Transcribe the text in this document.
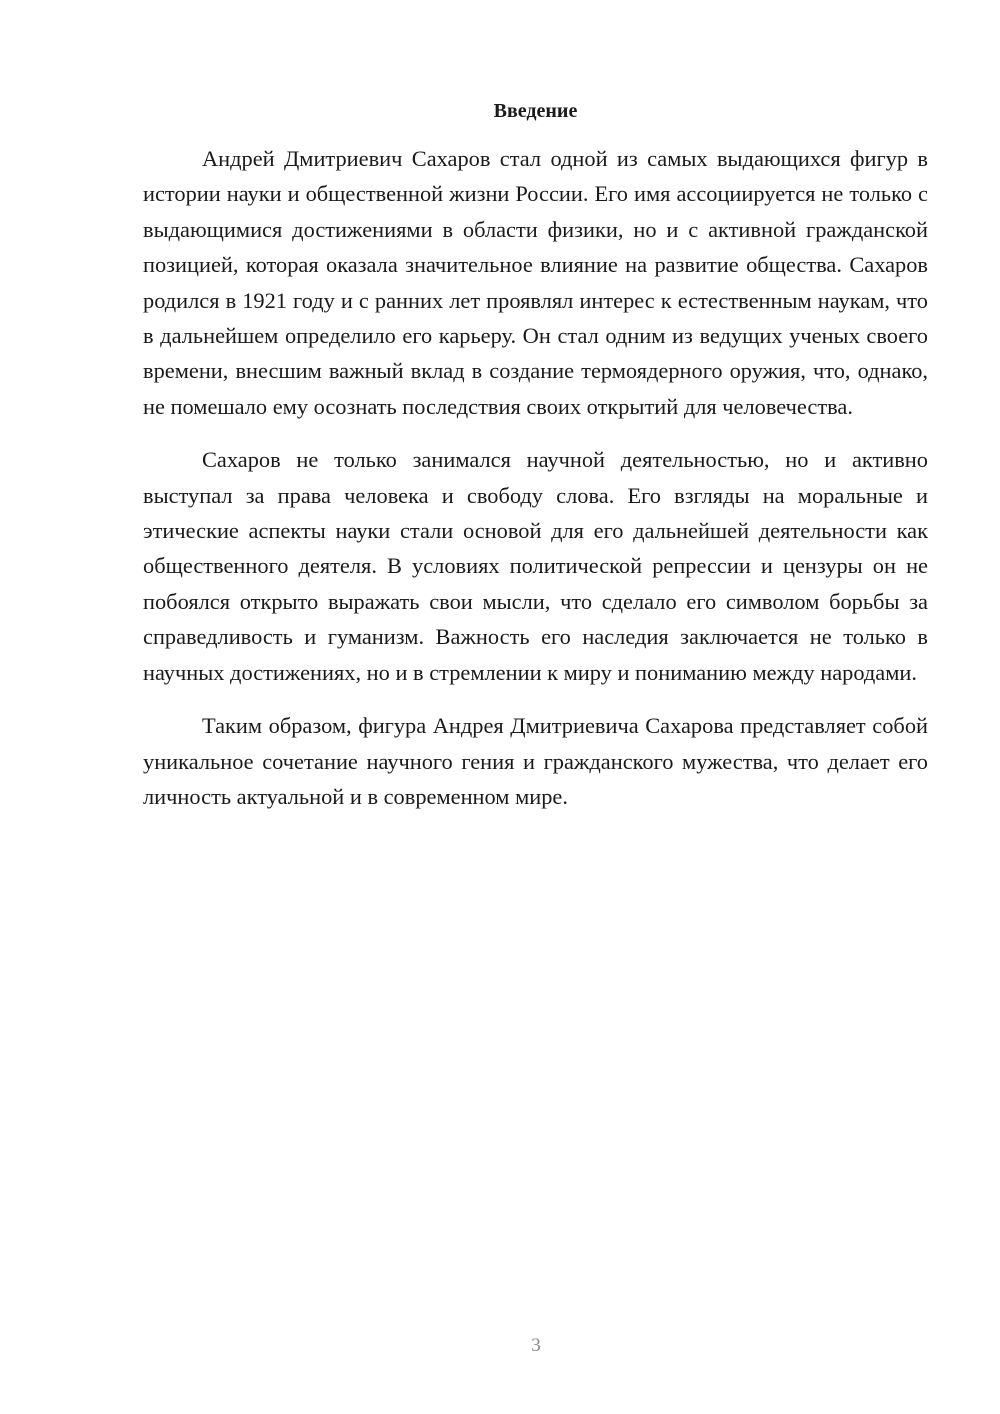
Введение

Андрей Дмитриевич Сахаров стал одной из самых выдающихся фигур в истории науки и общественной жизни России. Его имя ассоциируется не только с выдающимися достижениями в области физики, но и с активной гражданской позицией, которая оказала значительное влияние на развитие общества. Сахаров родился в 1921 году и с ранних лет проявлял интерес к естественным наукам, что в дальнейшем определило его карьеру. Он стал одним из ведущих ученых своего времени, внесшим важный вклад в создание термоядерного оружия, что, однако, не помешало ему осознать последствия своих открытий для человечества.

Сахаров не только занимался научной деятельностью, но и активно выступал за права человека и свободу слова. Его взгляды на моральные и этические аспекты науки стали основой для его дальнейшей деятельности как общественного деятеля. В условиях политической репрессии и цензуры он не побоялся открыто выражать свои мысли, что сделало его символом борьбы за справедливость и гуманизм. Важность его наследия заключается не только в научных достижениях, но и в стремлении к миру и пониманию между народами.

Таким образом, фигура Андрея Дмитриевича Сахарова представляет собой уникальное сочетание научного гения и гражданского мужества, что делает его личность актуальной и в современном мире.

3
